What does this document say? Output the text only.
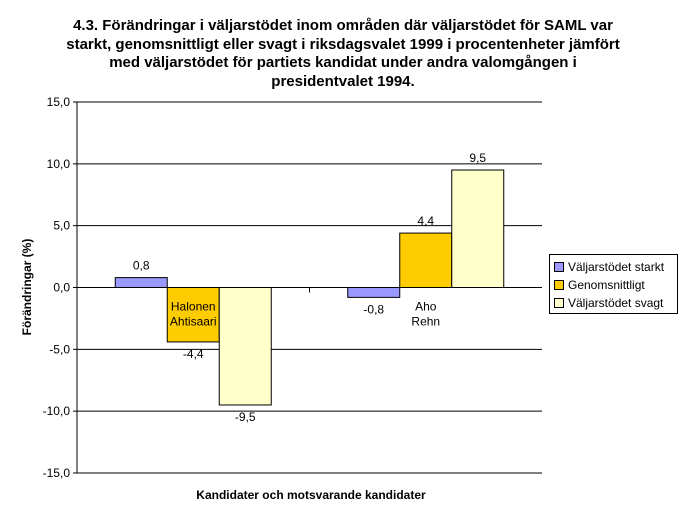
4.3. Förändringar i väljarstödet inom områden där väljarstödet för SAML var starkt, genomsnittligt eller svagt i riksdagsvalet 1999 i procentenheter jämfört med väljarstödet för partiets kandidat under andra valomgången i presidentvalet 1994.
-15,0
-10,0
-5,0
0,0
5,0
10,0
15,0
0,8
-4,4
-9,5
Halonen Ahtisaari
-0,8
4,4
9,5
Aho Rehn
Förändringar (%)
Kandidater och motsvarande kandidater
Väljarstödet starkt
Genomsnittligt
Väljarstödet svagt
